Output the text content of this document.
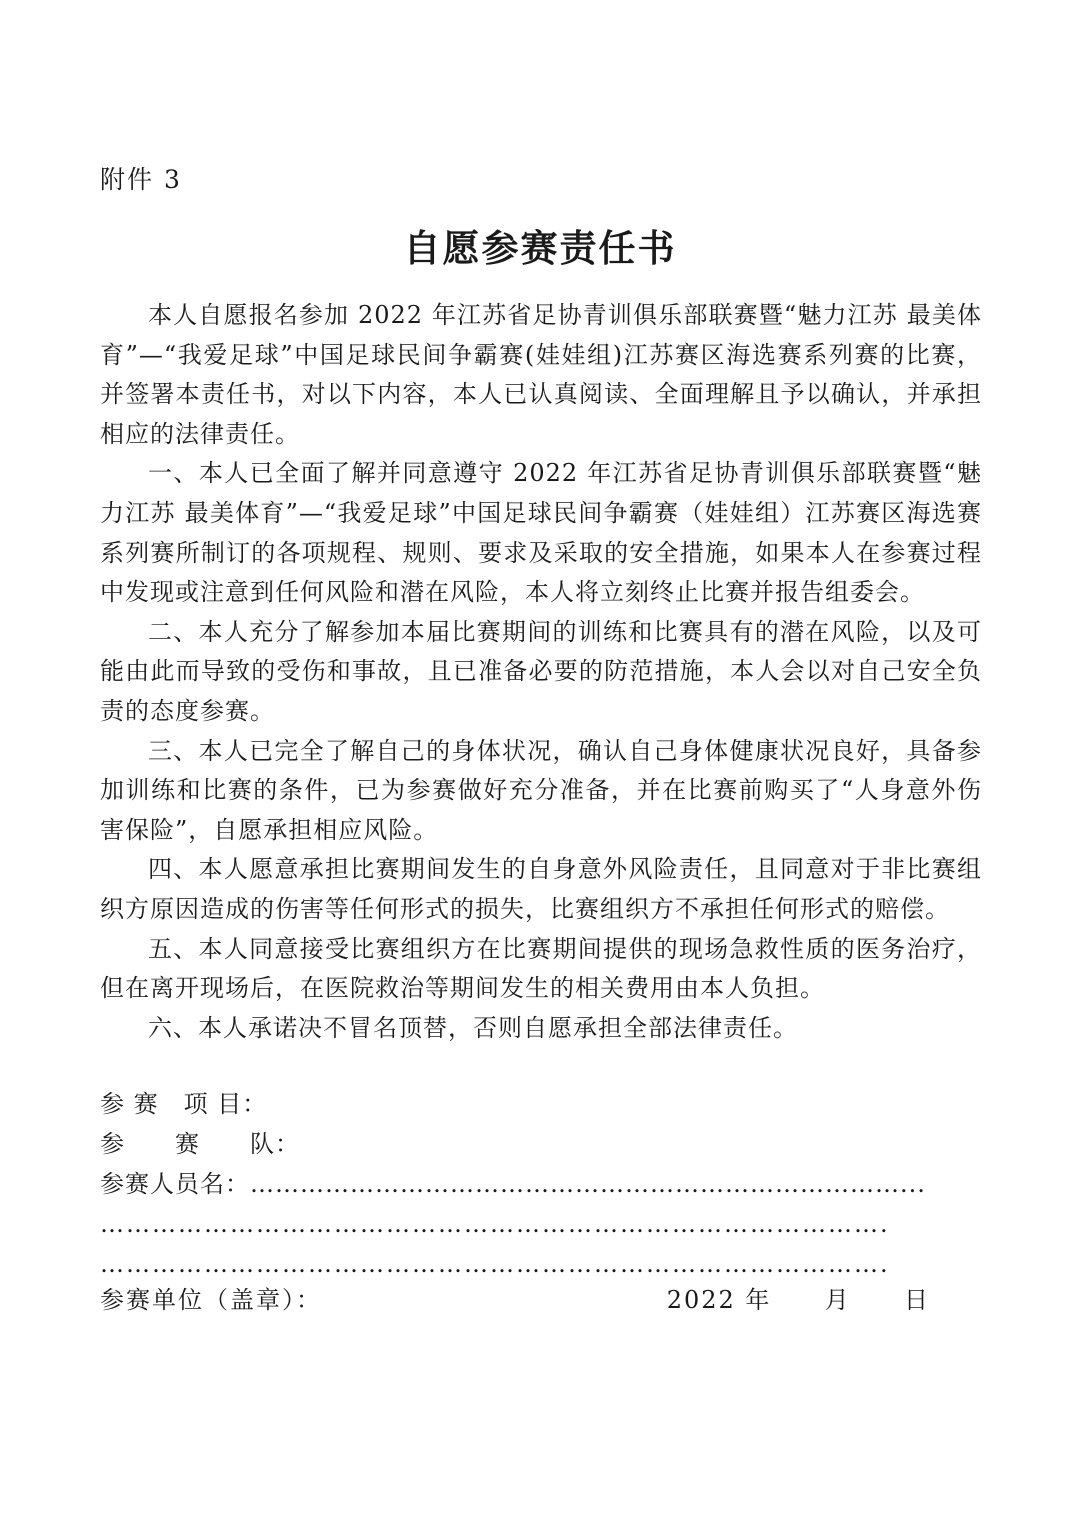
附件 3
自愿参赛责任书

本人自愿报名参加 2022 年江苏省足协青训俱乐部联赛暨“魅力江苏 最美体育”—“我爱足球”中国足球民间争霸赛(娃娃组)江苏赛区海选赛系列赛的比赛，并签署本责任书，对以下内容，本人已认真阅读、全面理解且予以确认，并承担相应的法律责任。

一、本人已全面了解并同意遵守 2022 年江苏省足协青训俱乐部联赛暨“魅力江苏 最美体育”—“我爱足球”中国足球民间争霸赛（娃娃组）江苏赛区海选赛系列赛所制订的各项规程、规则、要求及采取的安全措施，如果本人在参赛过程中发现或注意到任何风险和潜在风险，本人将立刻终止比赛并报告组委会。

二、本人充分了解参加本届比赛期间的训练和比赛具有的潜在风险，以及可能由此而导致的受伤和事故，且已准备必要的防范措施，本人会以对自己安全负责的态度参赛。

三、本人已完全了解自己的身体状况，确认自己身体健康状况良好，具备参加训练和比赛的条件，已为参赛做好充分准备，并在比赛前购买了“人身意外伤害保险”，自愿承担相应风险。

四、本人愿意承担比赛期间发生的自身意外风险责任，且同意对于非比赛组织方原因造成的伤害等任何形式的损失，比赛组织方不承担任何形式的赔偿。

五、本人同意接受比赛组织方在比赛期间提供的现场急救性质的医务治疗，但在离开现场后，在医院救治等期间发生的相关费用由本人负担。

六、本人承诺决不冒名顶替，否则自愿承担全部法律责任。

参 赛　项 目：
参　　赛　　队：
参赛人员名：……………………………………………………………………...
……………………………………………………………………………….
……………………………………………………………………………….
参赛单位（盖章）：	2022 年 月 日
